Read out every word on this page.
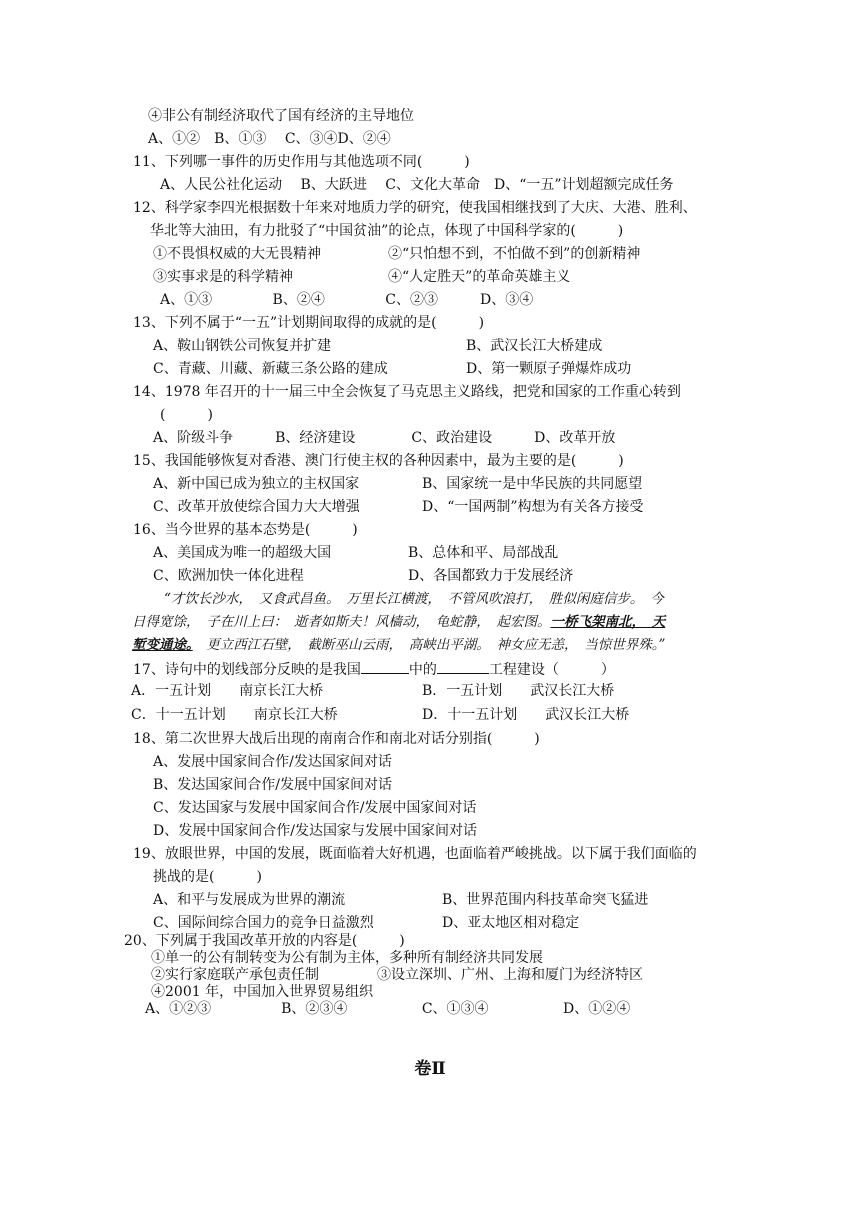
④非公有制经济取代了国有经济的主导地位
A、①②　B、①③　 C、③④D、②④
11、下列哪一事件的历史作用与其他选项不同(　　　)
A、人民公社化运动　 B、大跃进　 C、文化大革命　D、“一五”计划超额完成任务
12、科学家李四光根据数十年来对地质力学的研究，使我国相继找到了大庆、大港、胜利、
华北等大油田，有力批驳了“中国贫油”的论点，体现了中国科学家的(　　　)
①不畏惧权威的大无畏精神	②“只怕想不到，不怕做不到”的创新精神
③实事求是的科学精神	④“人定胜天”的革命英雄主义
A、①③　　　　 B、②④　　　　 C、②③　　　D、③④
13、下列不属于“一五”计划期间取得的成就的是(　　　)
A、鞍山钢铁公司恢复并扩建	B、武汉长江大桥建成
C、青藏、川藏、新藏三条公路的建成	D、第一颗原子弹爆炸成功
14、1978 年召开的十一届三中全会恢复了马克思主义路线，把党和国家的工作重心转到
(　　　)
A、阶级斗争　　　B、经济建设　　　　C、政治建设　　　D、改革开放
15、我国能够恢复对香港、澳门行使主权的各种因素中，最为主要的是(　　　)
A、新中国已成为独立的主权国家	B、国家统一是中华民族的共同愿望
C、改革开放使综合国力大大增强	D、“一国两制”构想为有关各方接受
16、当今世界的基本态势是(　　　)
A、美国成为唯一的超级大国	B、总体和平、局部战乱
C、欧洲加快一体化进程	D、各国都致力于发展经济
“才饮长沙水，　又食武昌鱼。　万里长江横渡，　不管风吹浪打，　胜似闲庭信步。　今
日得宽馀，　子在川上曰：　逝者如斯夫！风樯动，　龟蛇静，　起宏图。一桥飞架南北，　天
堑变通途。　更立西江石壁，　截断巫山云雨，　高峡出平湖。　神女应无恙，　当惊世界殊。”
17、诗句中的划线部分反映的是我国	中的	工程建设（　　　）
A．一五计划　　南京长江大桥	B．一五计划　　武汉长江大桥
C．十一五计划　　南京长江大桥	D．十一五计划　　武汉长江大桥
18、第二次世界大战后出现的南南合作和南北对话分别指(　　　)
A、发展中国家间合作/发达国家间对话
B、发达国家间合作/发展中国家间对话
C、发达国家与发展中国家间合作/发展中国家间对话
D、发展中国家间合作/发达国家与发展中国家间对话
19、放眼世界，中国的发展，既面临着大好机遇，也面临着严峻挑战。以下属于我们面临的
挑战的是(　　　)
A、和平与发展成为世界的潮流	B、世界范围内科技革命突飞猛进
C、国际间综合国力的竞争日益激烈	D、亚太地区相对稳定
20、下列属于我国改革开放的内容是(　　　)
①单一的公有制转变为公有制为主体，多种所有制经济共同发展
②实行家庭联产承包责任制	③设立深圳、广州、上海和厦门为经济特区
④2001 年，中国加入世界贸易组织
A、①②③　　　　　B、②③④　　　　　 C、①③④　　　　　 D、①②④
卷Ⅱ
